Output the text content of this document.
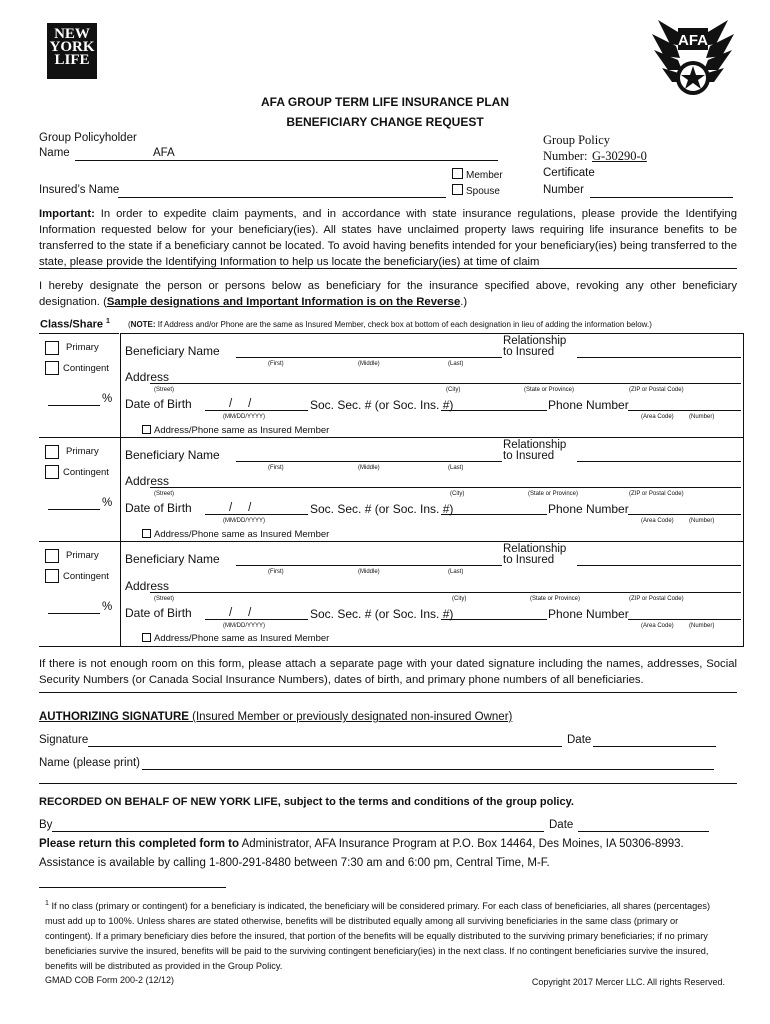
NEW
YORK
LIFE
AFA
AFA GROUP TERM LIFE INSURANCE PLAN
BENEFICIARY CHANGE REQUEST
Group Policyholder
Name	AFA
Group Policy
Number: G-30290-0
Member
Spouse
Certificate
Number
Insured’s Name
Important: In order to expedite claim payments, and in accordance with state insurance regulations, please provide the Identifying Information requested below for your beneficiary(ies). All states have unclaimed property laws requiring life insurance benefits to be transferred to the state if a beneficiary cannot be located. To avoid having benefits intended for your beneficiary(ies) being transferred to the state, please provide the Identifying Information to help us locate the beneficiary(ies) at time of claim
I hereby designate the person or persons below as beneficiary for the insurance specified above, revoking any other beneficiary designation. (Sample designations and Important Information is on the Reverse.)
Class/Share $^1$ (NOTE: If Address and/or Phone are the same as Insured Member, check box at bottom of each designation in lieu of adding the information below.)
Primary
Contingent
%
Beneficiary Name
(First)	(Middle)	(Last)
Relationship
to Insured
Address
(Street)	(City)	(State or Province)	(ZIP or Postal Code)
Date of Birth	/     /
(MM/DD/YYYY)
Soc. Sec. # (or Soc. Ins. #)	Phone Number
(Area Code)	(Number)
Address/Phone same as Insured Member
Primary
Contingent
%
Beneficiary Name
(First)	(Middle)	(Last)
Relationship
to Insured
Address
(Street)	(City)	(State or Province)	(ZIP or Postal Code)
Date of Birth	/     /
(MM/DD/YYYY)
Soc. Sec. # (or Soc. Ins. #)	Phone Number
(Area Code)	(Number)
Address/Phone same as Insured Member
Primary
Contingent
%
Beneficiary Name
(First)	(Middle)	(Last)
Relationship
to Insured
Address
(Street)	(City)	(State or Province)	(ZIP or Postal Code)
Date of Birth	/     /
(MM/DD/YYYY)
Soc. Sec. # (or Soc. Ins. #)	Phone Number
(Area Code)	(Number)
Address/Phone same as Insured Member
If there is not enough room on this form, please attach a separate page with your dated signature including the names, addresses, Social Security Numbers (or Canada Social Insurance Numbers), dates of birth, and primary phone numbers of all beneficiaries.
AUTHORIZING SIGNATURE (Insured Member or previously designated non-insured Owner)
Signature	Date
Name (please print)
RECORDED ON BEHALF OF NEW YORK LIFE, subject to the terms and conditions of the group policy.
By	Date
Please return this completed form to Administrator, AFA Insurance Program at P.O. Box 14464, Des Moines, IA 50306-8993.
Assistance is available by calling 1-800-291-8480 between 7:30 am and 6:00 pm, Central Time, M-F.
$^1$ If no class (primary or contingent) for a beneficiary is indicated, the beneficiary will be considered primary. For each class of beneficiaries, all shares (percentages) must add up to 100%. Unless shares are stated otherwise, benefits will be distributed equally among all surviving beneficiaries in the same class (primary or contingent). If a primary beneficiary dies before the insured, that portion of the benefits will be equally distributed to the surviving primary beneficiaries; if no primary beneficiaries survive the insured, benefits will be paid to the surviving contingent beneficiary(ies) in the next class. If no contingent beneficiaries survive the insured, benefits will be distributed as provided in the Group Policy.
GMAD COB Form 200-2 (12/12)	Copyright 2017 Mercer LLC. All rights Reserved.
